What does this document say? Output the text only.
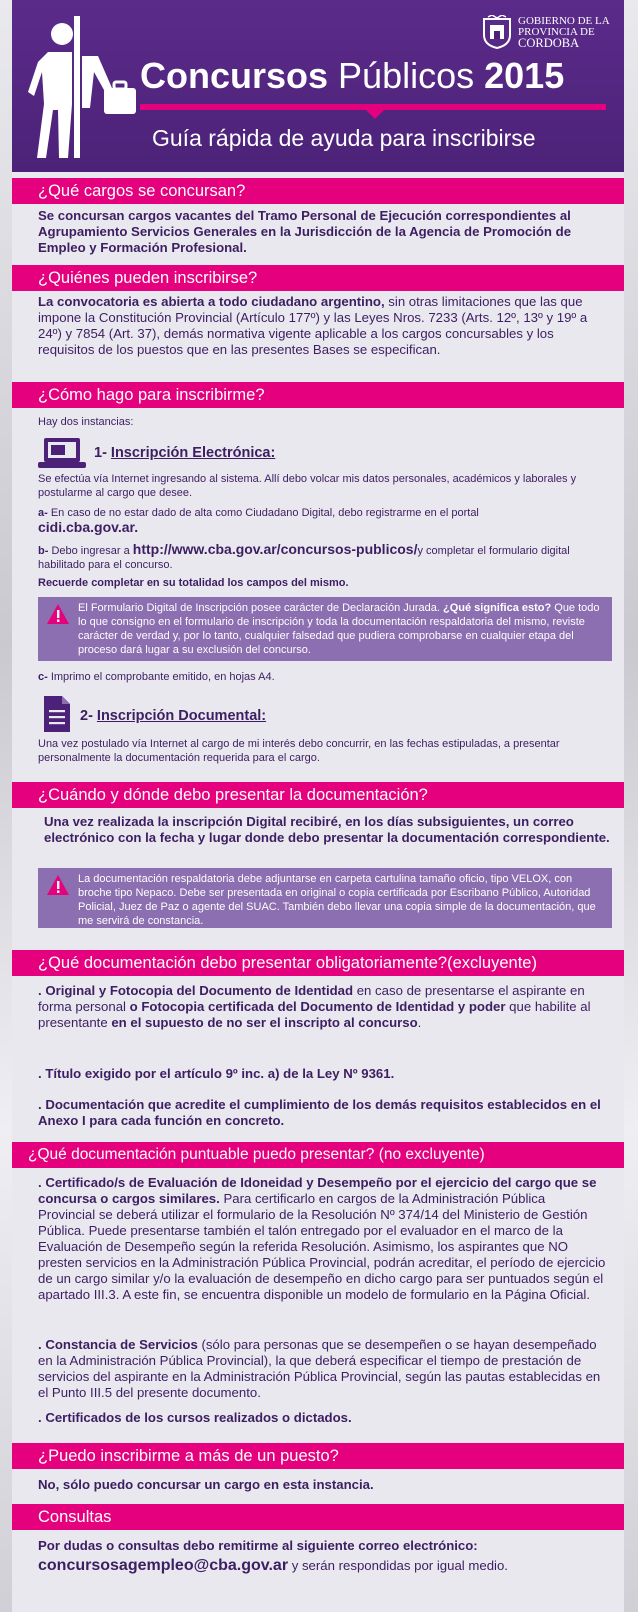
GOBIERNO DE LA
PROVINCIA DE

CORDOBA
Concursos Públicos 2015
Guía rápida de ayuda para inscribirse
¿Qué cargos se concursan?
Se concursan cargos vacantes del Tramo Personal de Ejecución correspondientes al Agrupamiento Servicios Generales en la Jurisdicción de la Agencia de Promoción de Empleo y Formación Profesional.
¿Quiénes pueden inscribirse?
La convocatoria es abierta a todo ciudadano argentino, sin otras limitaciones que las que impone la Constitución Provincial (Artículo 177º) y las Leyes Nros. 7233 (Arts. 12º, 13º y 19º a 24º) y 7854 (Art. 37), demás normativa vigente aplicable a los cargos concursables y los requisitos de los puestos que en las presentes Bases se especifican.
¿Cómo hago para inscribirme?
Hay dos instancias:
1- Inscripción Electrónica:
Se efectúa vía Internet ingresando al sistema. Allí debo volcar mis datos personales, académicos y laborales y postularme al cargo que desee.
a- En caso de no estar dado de alta como Ciudadano Digital, debo registrarme en el portal
cidi.cba.gov.ar.
b- Debo ingresar a http://www.cba.gov.ar/concursos-publicos/y completar el formulario digital habilitado para el concurso.
Recuerde completar en su totalidad los campos del mismo.
El Formulario Digital de Inscripción posee carácter de Declaración Jurada. ¿Qué significa esto? Que todo lo que consigno en el formulario de inscripción y toda la documentación respaldatoria del mismo, reviste carácter de verdad y, por lo tanto, cualquier falsedad que pudiera comprobarse en cualquier etapa del proceso dará lugar a su exclusión del concurso.
c- Imprimo el comprobante emitido, en hojas A4.
2- Inscripción Documental:
Una vez postulado vía Internet al cargo de mi interés debo concurrir, en las fechas estipuladas, a presentar personalmente la documentación requerida para el cargo.
¿Cuándo y dónde debo presentar la documentación?
Una vez realizada la inscripción Digital recibiré, en los días subsiguientes, un correo electrónico con la fecha y lugar donde debo presentar la documentación correspondiente.
La documentación respaldatoria debe adjuntarse en carpeta cartulina tamaño oficio, tipo VELOX, con broche tipo Nepaco. Debe ser presentada en original o copia certificada por Escribano Público, Autoridad Policial, Juez de Paz o agente del SUAC. También debo llevar una copia simple de la documentación, que me servirá de constancia.
¿Qué documentación debo presentar obligatoriamente?(excluyente)
. Original y Fotocopia del Documento de Identidad en caso de presentarse el aspirante en forma personal o Fotocopia certificada del Documento de Identidad y poder que habilite al presentante en el supuesto de no ser el inscripto al concurso.
. Título exigido por el artículo 9º inc. a) de la Ley Nº 9361.
. Documentación que acredite el cumplimiento de los demás requisitos establecidos en el Anexo I para cada función en concreto.
¿Qué documentación puntuable puedo presentar? (no excluyente)
. Certificado/s de Evaluación de Idoneidad y Desempeño por el ejercicio del cargo que se concursa o cargos similares. Para certificarlo en cargos de la Administración Pública Provincial se deberá utilizar el formulario de la Resolución Nº 374/14 del Ministerio de Gestión Pública. Puede presentarse también el talón entregado por el evaluador en el marco de la Evaluación de Desempeño según la referida Resolución. Asimismo, los aspirantes que NO presten servicios en la Administración Pública Provincial, podrán acreditar, el período de ejercicio de un cargo similar y/o la evaluación de desempeño en dicho cargo para ser puntuados según el apartado III.3. A este fin, se encuentra disponible un modelo de formulario en la Página Oficial.
. Constancia de Servicios (sólo para personas que se desempeñen o se hayan desempeñado en la Administración Pública Provincial), la que deberá especificar el tiempo de prestación de servicios del aspirante en la Administración Pública Provincial, según las pautas establecidas en el Punto III.5 del presente documento.
. Certificados de los cursos realizados o dictados.
¿Puedo inscribirme a más de un puesto?
No, sólo puedo concursar un cargo en esta instancia.
Consultas
Por dudas o consultas debo remitirme al siguiente correo electrónico:
concursosagempleo@cba.gov.ar y serán respondidas por igual medio.
